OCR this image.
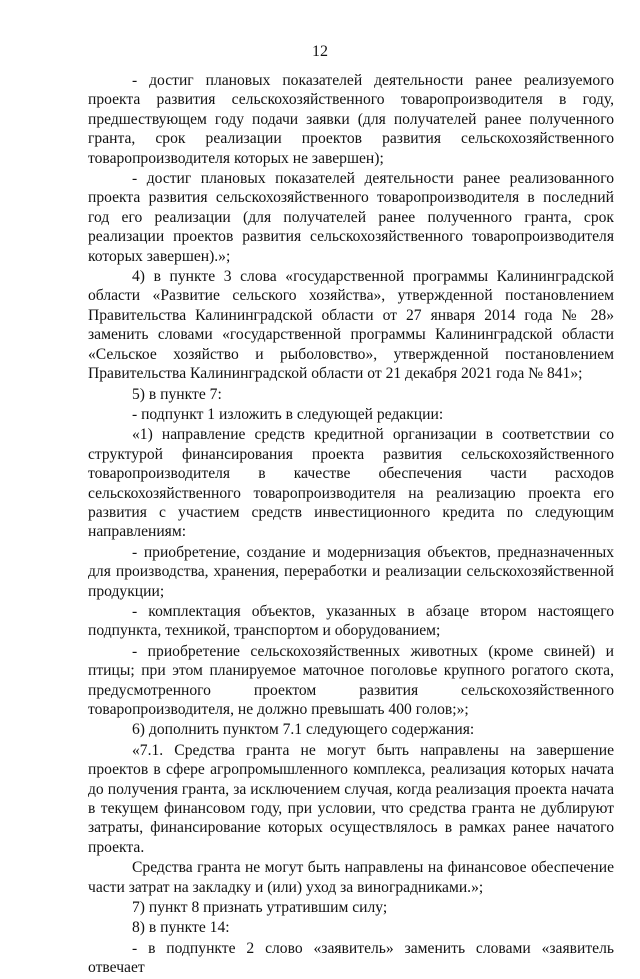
12

- достиг плановых показателей деятельности ранее реализуемого проекта развития сельскохозяйственного товаропроизводителя в году, предшествующем году подачи заявки (для получателей ранее полученного гранта, срок реализации проектов развития сельскохозяйственного товаропроизводителя которых не завершен);

- достиг плановых показателей деятельности ранее реализованного проекта развития сельскохозяйственного товаропроизводителя в последний год его реализации (для получателей ранее полученного гранта, срок реализации проектов развития сельскохозяйственного товаропроизводителя которых завершен).»;

4) в пункте 3 слова «государственной программы Калининградской области «Развитие сельского хозяйства», утвержденной постановлением Правительства Калининградской области от 27 января 2014 года № 28» заменить словами «государственной программы Калининградской области «Сельское хозяйство и рыболовство», утвержденной постановлением Правительства Калининградской области от 21 декабря 2021 года № 841»;

5) в пункте 7:

- подпункт 1 изложить в следующей редакции:

«1) направление средств кредитной организации в соответствии со структурой финансирования проекта развития сельскохозяйственного товаропроизводителя в качестве обеспечения части расходов сельскохозяйственного товаропроизводителя на реализацию проекта его развития с участием средств инвестиционного кредита по следующим направлениям:

- приобретение, создание и модернизация объектов, предназначенных для производства, хранения, переработки и реализации сельскохозяйственной продукции;

- комплектация объектов, указанных в абзаце втором настоящего подпункта, техникой, транспортом и оборудованием;

- приобретение сельскохозяйственных животных (кроме свиней) и птицы; при этом планируемое маточное поголовье крупного рогатого скота, предусмотренного проектом развития сельскохозяйственного товаропроизводителя, не должно превышать 400 голов;»;

6) дополнить пунктом 7.1 следующего содержания:

«7.1. Средства гранта не могут быть направлены на завершение проектов в сфере агропромышленного комплекса, реализация которых начата до получения гранта, за исключением случая, когда реализация проекта начата в текущем финансовом году, при условии, что средства гранта не дублируют затраты, финансирование которых осуществлялось в рамках ранее начатого проекта.

Средства гранта не могут быть направлены на финансовое обеспечение части затрат на закладку и (или) уход за виноградниками.»;

7) пункт 8 признать утратившим силу;

8) в пункте 14:

- в подпункте 2 слово «заявитель» заменить словами «заявитель отвечает
